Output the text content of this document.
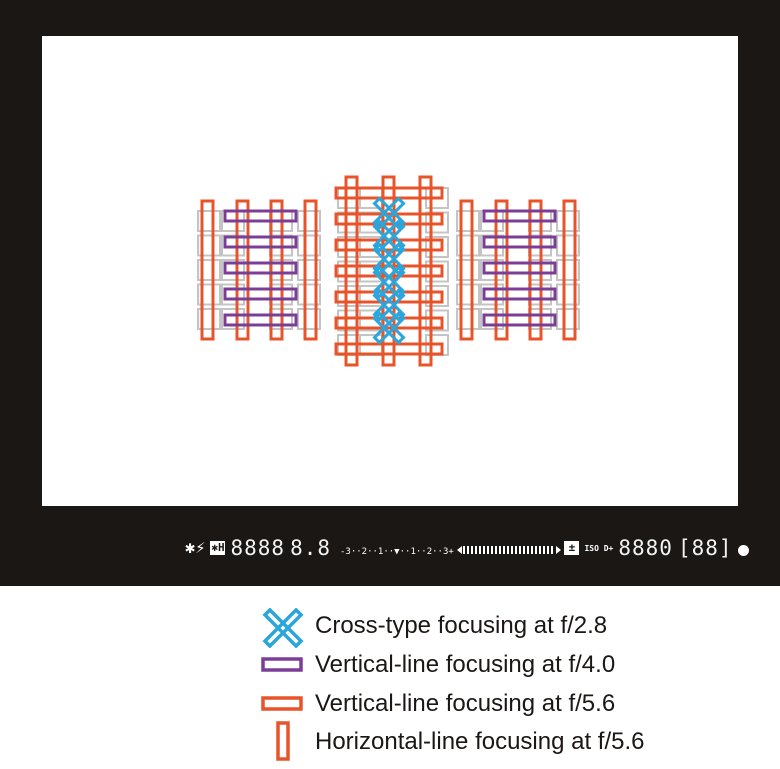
✱⚡ ✱H 8888 8.8 -3··2··1··▼··1··2··3+	±	ISO D+ 8880 [88]
Cross-type focusing at f/2.8
Vertical-line focusing at f/4.0
Vertical-line focusing at f/5.6
Horizontal-line focusing at f/5.6
